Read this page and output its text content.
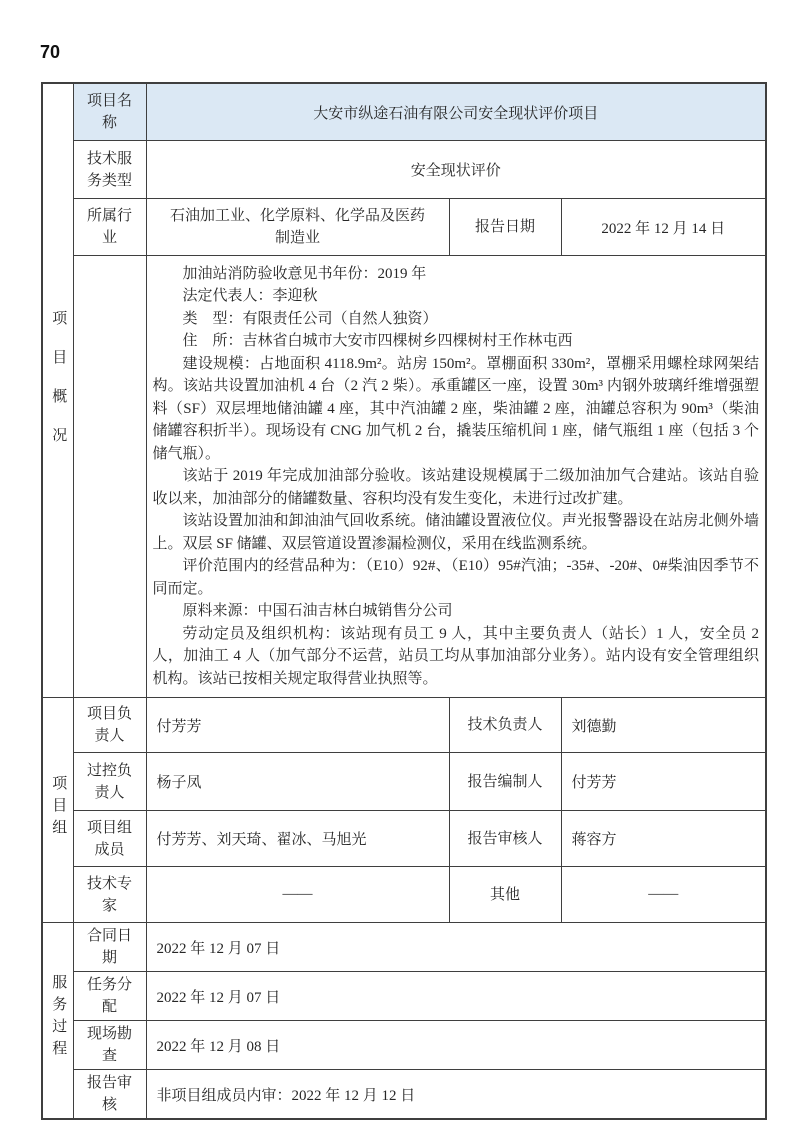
70
项目概况	项目名称	大安市纵途石油有限公司安全现状评价项目		
	技术服务类型	安全现状评价		
	所属行业	石油加工业、化学原料、化学品及医药制造业	报告日期	2022 年 12 月 14 日

加油站消防验收意见书年份：2019 年

法定代表人：李迎秋

类　型：有限责任公司（自然人独资）

住　所：吉林省白城市大安市四棵树乡四棵树村王作林屯西

建设规模：占地面积 4118.9m²。站房 150m²。罩棚面积 330m²，罩棚采用螺栓球网架结构。该站共设置加油机 4 台（2 汽 2 柴）。承重罐区一座，设置 30m³ 内钢外玻璃纤维增强塑料（SF）双层埋地储油罐 4 座，其中汽油罐 2 座，柴油罐 2 座，油罐总容积为 90m³（柴油储罐容积折半）。现场设有 CNG 加气机 2 台，撬装压缩机间 1 座，储气瓶组 1 座（包括 3 个储气瓶）。

该站于 2019 年完成加油部分验收。该站建设规模属于二级加油加气合建站。该站自验收以来，加油部分的储罐数量、容积均没有发生变化，未进行过改扩建。

该站设置加油和卸油油气回收系统。储油罐设置液位仪。声光报警器设在站房北侧外墙上。双层 SF 储罐、双层管道设置渗漏检测仪，采用在线监测系统。

评价范围内的经营品种为：（E10）92#、（E10）95#汽油；-35#、-20#、0#柴油因季节不同而定。

原料来源：中国石油吉林白城销售分公司

劳动定员及组织机构：该站现有员工 9 人，其中主要负责人（站长）1 人，安全员 2 人，加油工 4 人（加气部分不运营，站员工均从事加油部分业务）。站内设有安全管理组织机构。该站已按相关规定取得营业执照等。

项目组	项目负责人	付芳芳	技术负责人	刘德勤
	过控负责人	杨子凤	报告编制人	付芳芳
	项目组成员	付芳芳、刘天琦、翟冰、马旭光	报告审核人	蒋容方
	技术专家	——	其他	——
服务过程	合同日期	2022 年 12 月 07 日		
	任务分配	2022 年 12 月 07 日		
	现场勘查	2022 年 12 月 08 日		
	报告审核	非项目组成员内审：2022 年 12 月 12 日		
